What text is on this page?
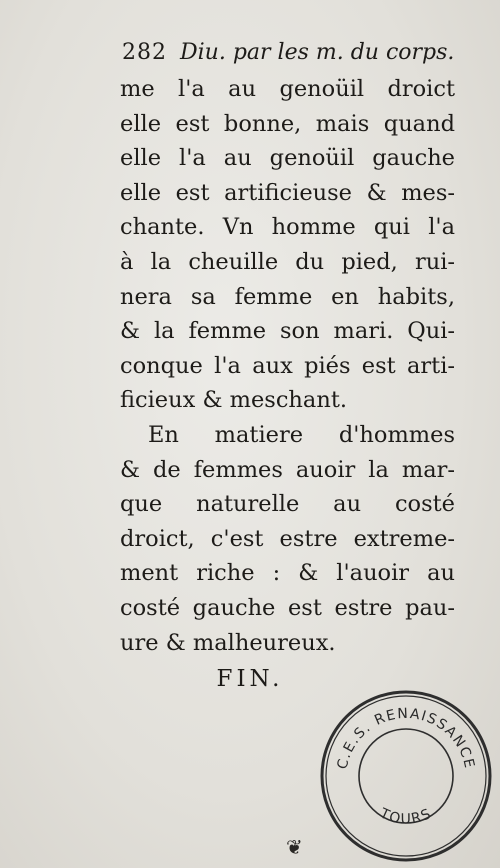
282 Diu. par les m. du corps.
me l'a au genoüil droict
elle est bonne, mais quand
elle l'a au genoüil gauche
elle est artificieuse & mes-
chante. Vn homme qui l'a
à la cheuille du pied, rui-
nera sa femme en habits,
& la femme son mari. Qui-
conque l'a aux piés est arti-
ficieux & meschant.
En matiere d'hommes
& de femmes auoir la mar-
que naturelle au costé
droict, c'est estre extreme-
ment riche : & l'auoir au
costé gauche est estre pau-
ure & malheureux.
FIN.
C.E.S. RENAISSANCE
TOURS
❦
